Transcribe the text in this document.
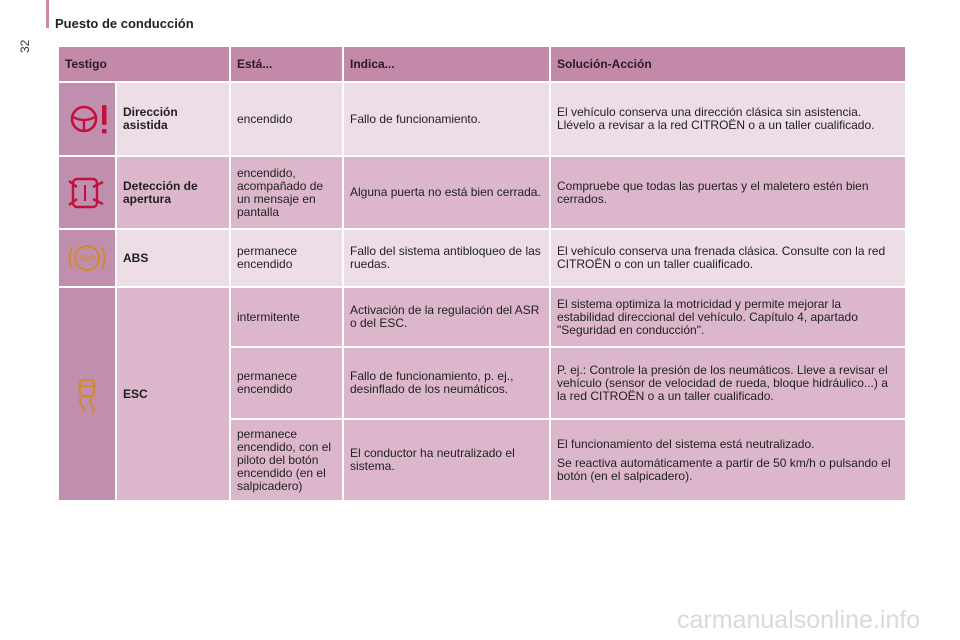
32
Puesto de conducción
Testigo		Está...	Indica...	Solución-Acción
	Dirección asistida	encendido	Fallo de funcionamiento.	El vehículo conserva una dirección clásica sin asistencia. Llévelo a revisar a la red CITROËN o a un taller cualificado.
	Detección de apertura	encendido, acompañado de un mensaje en pantalla	Alguna puerta no está bien cerrada.	Compruebe que todas las puertas y el maletero estén bien cerrados.

ABS	ABS	permanece encendido	Fallo del sistema antibloqueo de las ruedas.	El vehículo conserva una frenada clásica. Consulte con la red CITROËN o con un taller cualificado.
	ESC	intermitente	Activación de la regulación del ASR o del ESC.	El sistema optimiza la motricidad y permite mejorar la estabilidad direccional del vehículo. Capítulo 4, apartado "Seguridad en conducción".

		permanece encendido	Fallo de funcionamiento, p. ej., desinflado de los neumáticos.	P. ej.: Controle la presión de los neumáticos. Lleve a revisar el vehículo (sensor de velocidad de rueda, bloque hidráulico...) a la red CITROËN o a un taller cualificado.

		permanece encendido, con el piloto del botón encendido (en el salpicadero)	El conductor ha neutralizado el sistema.	El funcionamiento del sistema está neutralizado.

Se reactiva automáticamente a partir de 50 km/h o pulsando el botón (en el salpicadero).

carmanualsonline.info
